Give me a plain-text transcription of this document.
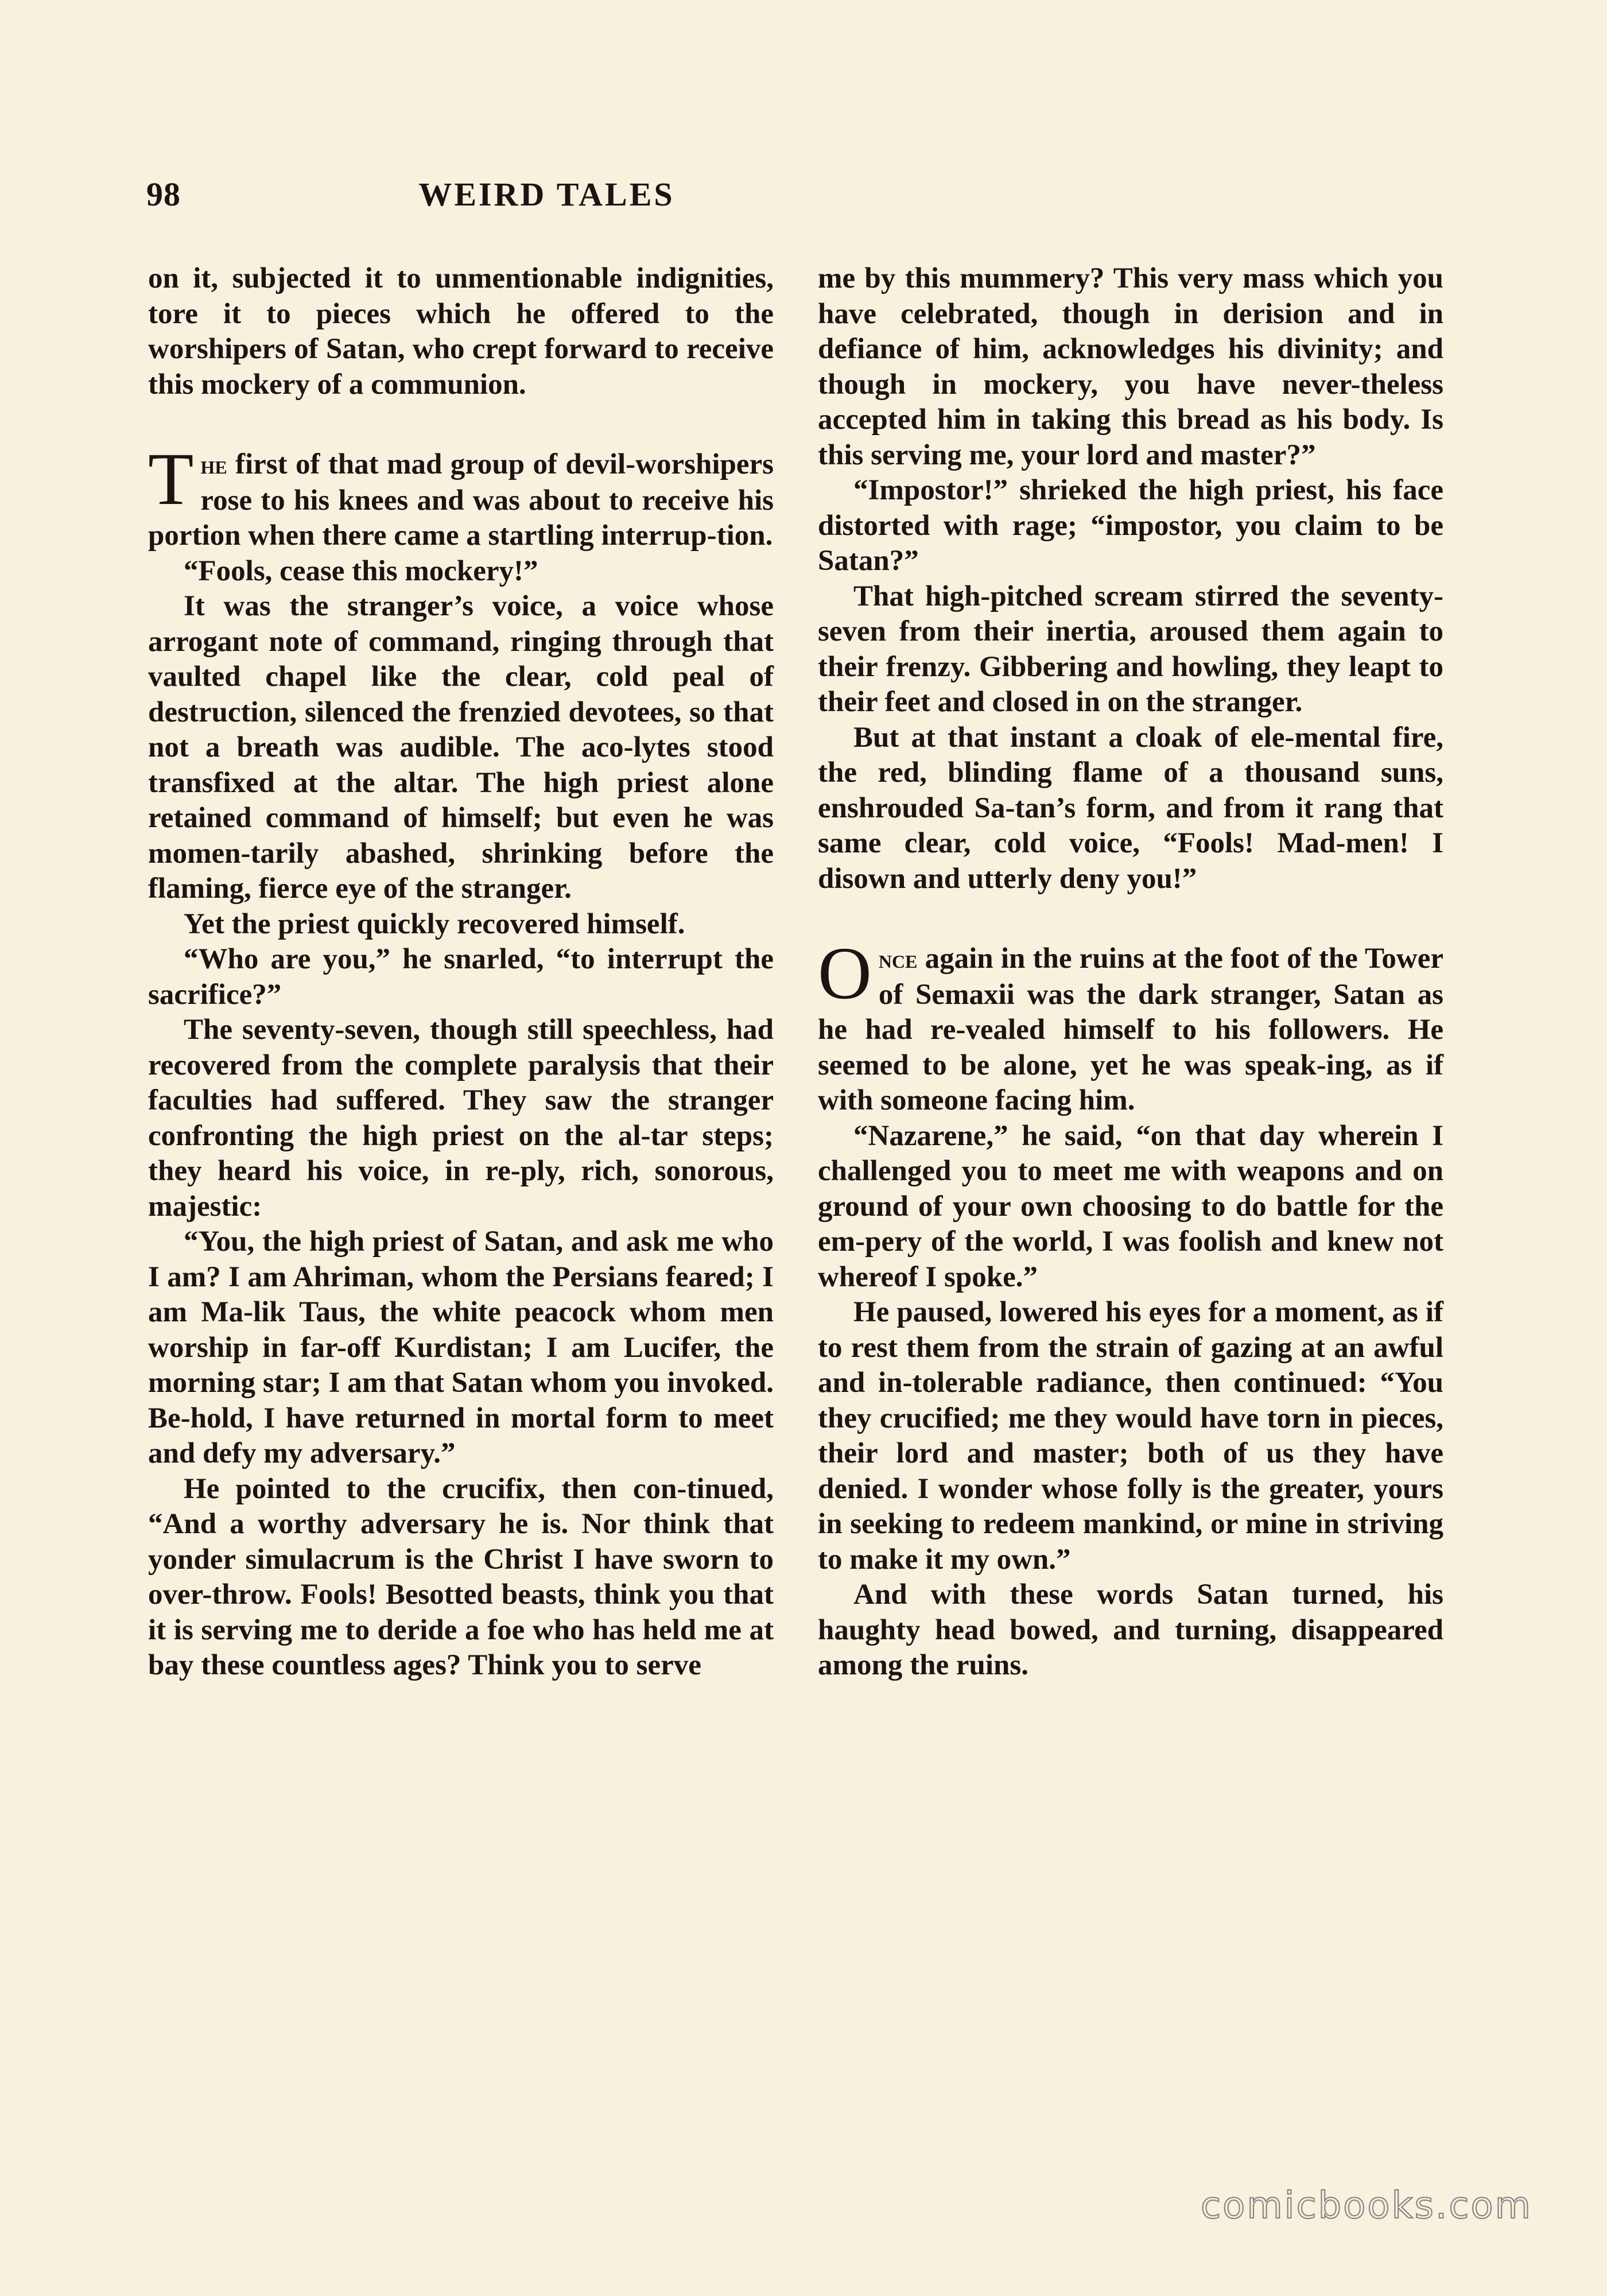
98	WEIRD TALES

on it, subjected it to unmentionable indignities, tore it to pieces which he offered to the worshipers of Satan, who crept forward to receive this mockery of a communion.

The first of that mad group of devil-worshipers rose to his knees and was about to receive his portion when there came a startling interrup-tion.

“Fools, cease this mockery!”

It was the stranger’s voice, a voice whose arrogant note of command, ringing through that vaulted chapel like the clear, cold peal of destruction, silenced the frenzied devotees, so that not a breath was audible. The aco-lytes stood transfixed at the altar. The high priest alone retained command of himself; but even he was momen-tarily abashed, shrinking before the flaming, fierce eye of the stranger.

Yet the priest quickly recovered himself.

“Who are you,” he snarled, “to interrupt the sacrifice?”

The seventy-seven, though still speechless, had recovered from the complete paralysis that their faculties had suffered. They saw the stranger confronting the high priest on the al-tar steps; they heard his voice, in re-ply, rich, sonorous, majestic:

“You, the high priest of Satan, and ask me who I am? I am Ahriman, whom the Persians feared; I am Ma-lik Taus, the white peacock whom men worship in far-off Kurdistan; I am Lucifer, the morning star; I am that Satan whom you invoked. Be-hold, I have returned in mortal form to meet and defy my adversary.”

He pointed to the crucifix, then con-tinued, “And a worthy adversary he is. Nor think that yonder simulacrum is the Christ I have sworn to over-throw. Fools! Besotted beasts, think you that it is serving me to deride a foe who has held me at bay these countless ages? Think you to serve

me by this mummery? This very mass which you have celebrated, though in derision and in defiance of him, acknowledges his divinity; and though in mockery, you have never-theless accepted him in taking this bread as his body. Is this serving me, your lord and master?”

“Impostor!” shrieked the high priest, his face distorted with rage; “impostor, you claim to be Satan?”

That high-pitched scream stirred the seventy-seven from their inertia, aroused them again to their frenzy. Gibbering and howling, they leapt to their feet and closed in on the stranger.

But at that instant a cloak of ele-mental fire, the red, blinding flame of a thousand suns, enshrouded Sa-tan’s form, and from it rang that same clear, cold voice, “Fools! Mad-men! I disown and utterly deny you!”

Once again in the ruins at the foot of the Tower of Semaxii was the dark stranger, Satan as he had re-vealed himself to his followers. He seemed to be alone, yet he was speak-ing, as if with someone facing him.

“Nazarene,” he said, “on that day wherein I challenged you to meet me with weapons and on ground of your own choosing to do battle for the em-pery of the world, I was foolish and knew not whereof I spoke.”

He paused, lowered his eyes for a moment, as if to rest them from the strain of gazing at an awful and in-tolerable radiance, then continued: “You they crucified; me they would have torn in pieces, their lord and master; both of us they have denied. I wonder whose folly is the greater, yours in seeking to redeem mankind, or mine in striving to make it my own.”

And with these words Satan turned, his haughty head bowed, and turning, disappeared among the ruins.

comicbooks.com
